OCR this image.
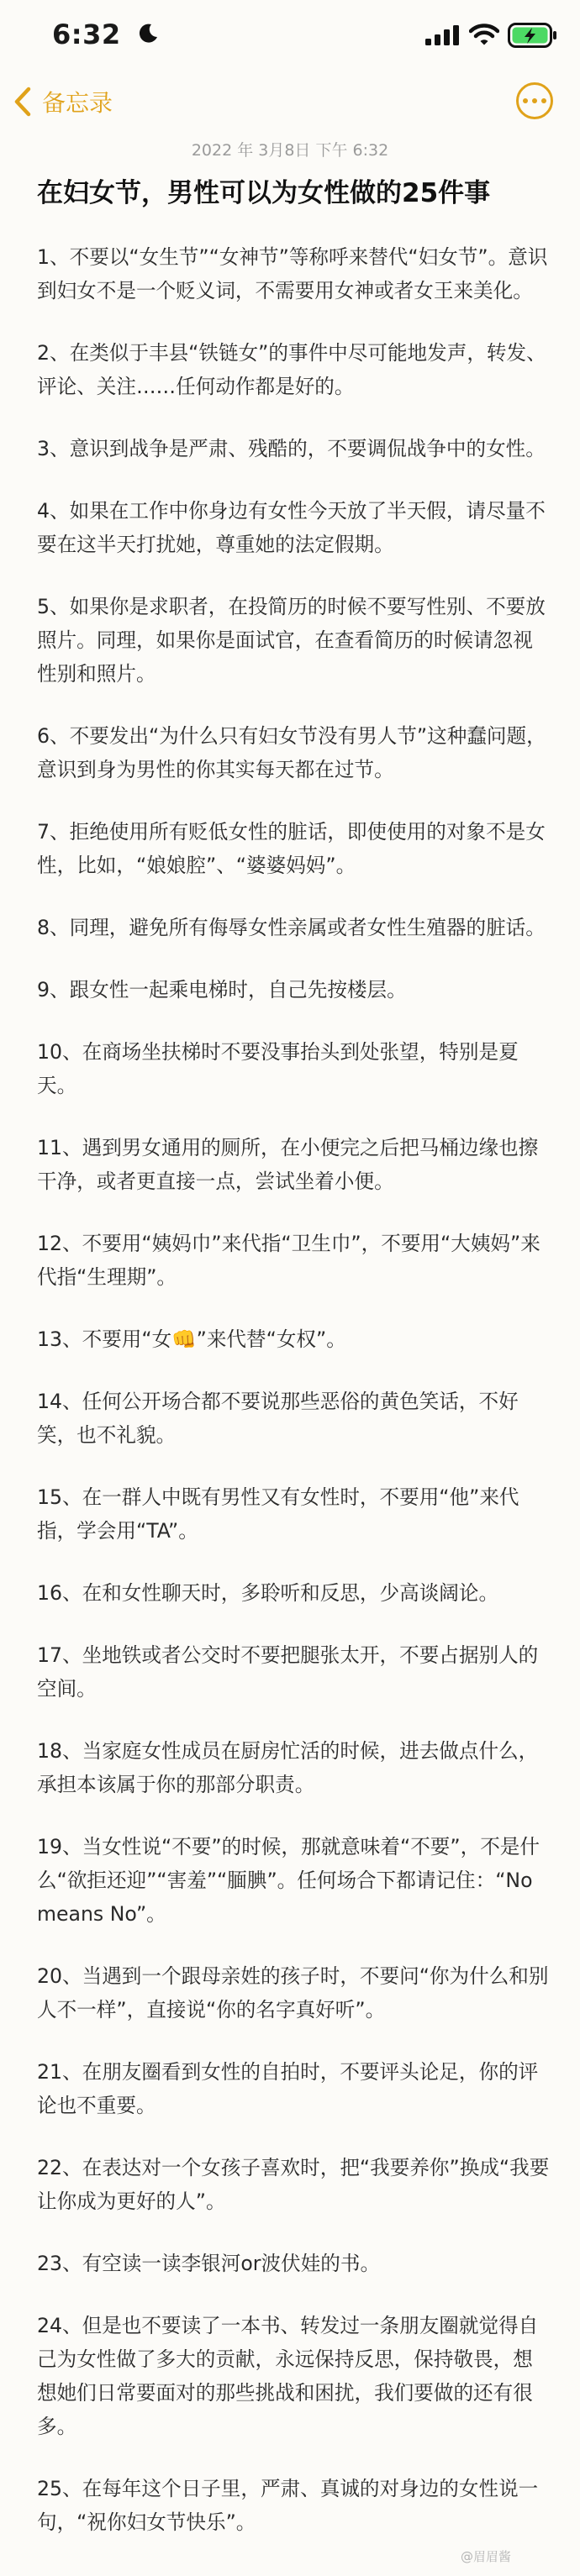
6:32
备忘录
2022 年 3月8日 下午 6:32
在妇女节，男性可以为女性做的25件事

1、不要以“女生节”“女神节”等称呼来替代“妇女节”。意识到妇女不是一个贬义词，不需要用女神或者女王来美化。

2、在类似于丰县“铁链女”的事件中尽可能地发声，转发、评论、关注……任何动作都是好的。

3、意识到战争是严肃、残酷的，不要调侃战争中的女性。

4、如果在工作中你身边有女性今天放了半天假，请尽量不要在这半天打扰她，尊重她的法定假期。

5、如果你是求职者，在投简历的时候不要写性别、不要放照片。同理，如果你是面试官，在查看简历的时候请忽视性别和照片。

6、不要发出“为什么只有妇女节没有男人节”这种蠢问题，意识到身为男性的你其实每天都在过节。

7、拒绝使用所有贬低女性的脏话，即使使用的对象不是女性，比如，“娘娘腔”、“婆婆妈妈”。

8、同理，避免所有侮辱女性亲属或者女性生殖器的脏话。

9、跟女性一起乘电梯时，自己先按楼层。

10、在商场坐扶梯时不要没事抬头到处张望，特别是夏天。

11、遇到男女通用的厕所，在小便完之后把马桶边缘也擦干净，或者更直接一点，尝试坐着小便。

12、不要用“姨妈巾”来代指“卫生巾”，不要用“大姨妈”来代指“生理期”。

13、不要用“女👊”来代替“女权”。

14、任何公开场合都不要说那些恶俗的黄色笑话，不好笑，也不礼貌。

15、在一群人中既有男性又有女性时，不要用“他”来代指，学会用“TA”。

16、在和女性聊天时，多聆听和反思，少高谈阔论。

17、坐地铁或者公交时不要把腿张太开，不要占据别人的空间。

18、当家庭女性成员在厨房忙活的时候，进去做点什么，承担本该属于你的那部分职责。

19、当女性说“不要”的时候，那就意味着“不要”，不是什么“欲拒还迎”“害羞”“腼腆”。任何场合下都请记住：“No means No”。

20、当遇到一个跟母亲姓的孩子时，不要问“你为什么和别人不一样”，直接说“你的名字真好听”。

21、在朋友圈看到女性的自拍时，不要评头论足，你的评论也不重要。

22、在表达对一个女孩子喜欢时，把“我要养你”换成“我要让你成为更好的人”。

23、有空读一读李银河or波伏娃的书。

24、但是也不要读了一本书、转发过一条朋友圈就觉得自己为女性做了多大的贡献，永远保持反思，保持敬畏，想想她们日常要面对的那些挑战和困扰，我们要做的还有很多。

25、在每年这个日子里，严肃、真诚的对身边的女性说一句，“祝你妇女节快乐”。

@眉眉酱
